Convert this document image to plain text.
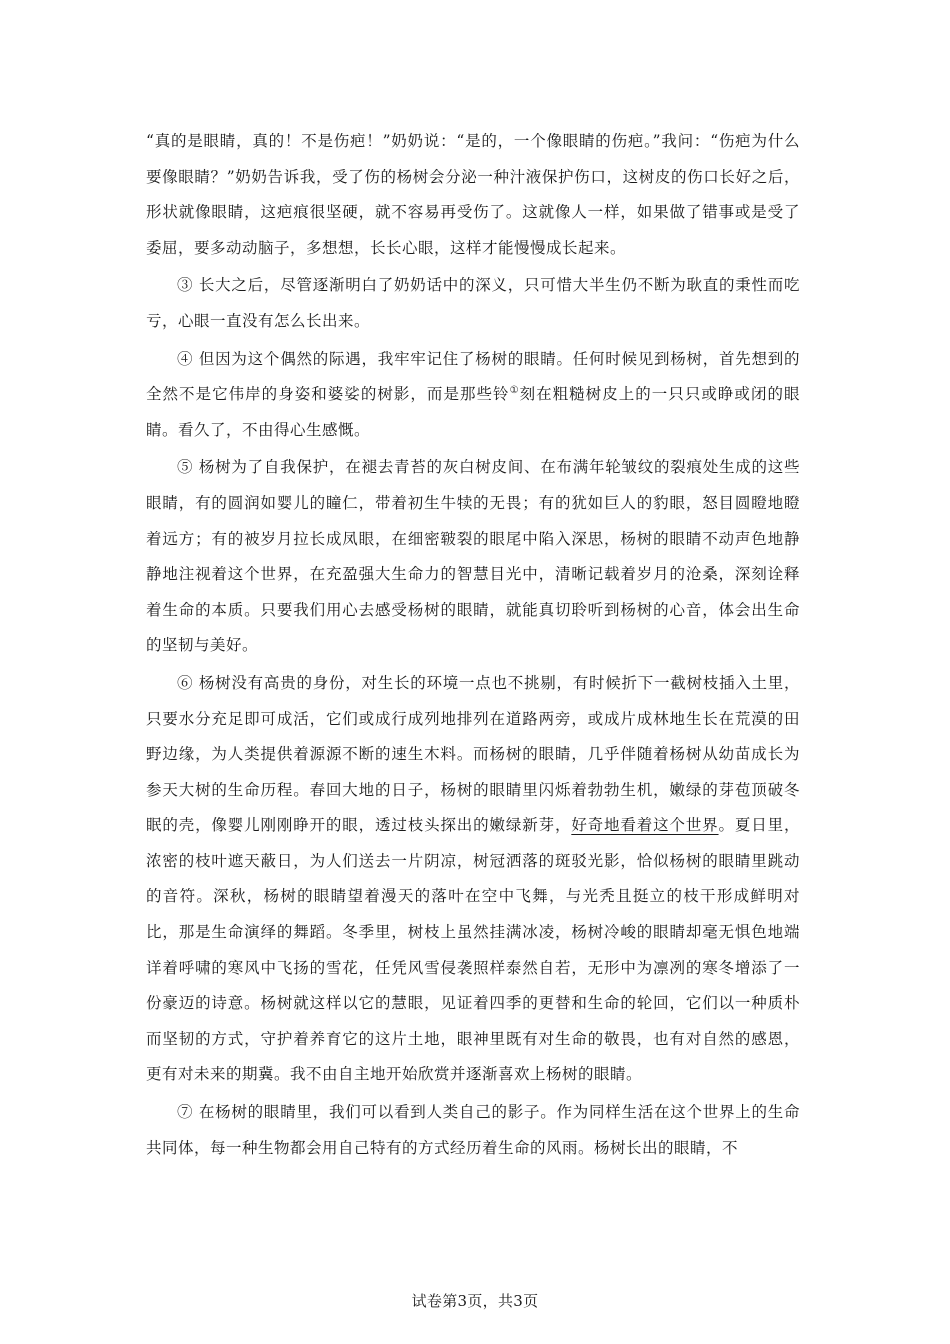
“真的是眼睛，真的！不是伤疤！”奶奶说：“是的，一个像眼睛的伤疤。”我问：“伤疤为什么要像眼睛？”奶奶告诉我，受了伤的杨树会分泌一种汁液保护伤口，这树皮的伤口长好之后，形状就像眼睛，这疤痕很坚硬，就不容易再受伤了。这就像人一样，如果做了错事或是受了委屈，要多动动脑子，多想想，长长心眼，这样才能慢慢成长起来。

③ 长大之后，尽管逐渐明白了奶奶话中的深义，只可惜大半生仍不断为耿直的秉性而吃亏，心眼一直没有怎么长出来。

④ 但因为这个偶然的际遇，我牢牢记住了杨树的眼睛。任何时候见到杨树，首先想到的全然不是它伟岸的身姿和婆娑的树影，而是那些铃①刻在粗糙树皮上的一只只或睁或闭的眼睛。看久了，不由得心生感慨。

⑤ 杨树为了自我保护，在褪去青苔的灰白树皮间、在布满年轮皱纹的裂痕处生成的这些眼睛，有的圆润如婴儿的瞳仁，带着初生牛犊的无畏；有的犹如巨人的豹眼，怒目圆瞪地瞪着远方；有的被岁月拉长成凤眼，在细密皲裂的眼尾中陷入深思，杨树的眼睛不动声色地静静地注视着这个世界，在充盈强大生命力的智慧目光中，清晰记载着岁月的沧桑，深刻诠释着生命的本质。只要我们用心去感受杨树的眼睛，就能真切聆听到杨树的心音，体会出生命的坚韧与美好。

⑥ 杨树没有高贵的身份，对生长的环境一点也不挑剔，有时候折下一截树枝插入土里，只要水分充足即可成活，它们或成行成列地排列在道路两旁，或成片成林地生长在荒漠的田野边缘，为人类提供着源源不断的速生木料。而杨树的眼睛，几乎伴随着杨树从幼苗成长为参天大树的生命历程。春回大地的日子，杨树的眼睛里闪烁着勃勃生机，嫩绿的芽苞顶破冬眠的壳，像婴儿刚刚睁开的眼，透过枝头探出的嫩绿新芽，好奇地看着这个世界。夏日里，浓密的枝叶遮天蔽日，为人们送去一片阴凉，树冠洒落的斑驳光影，恰似杨树的眼睛里跳动的音符。深秋，杨树的眼睛望着漫天的落叶在空中飞舞，与光秃且挺立的枝干形成鲜明对比，那是生命演绎的舞蹈。冬季里，树枝上虽然挂满冰凌，杨树冷峻的眼睛却毫无惧色地端详着呼啸的寒风中飞扬的雪花，任凭风雪侵袭照样泰然自若，无形中为凛冽的寒冬增添了一份豪迈的诗意。杨树就这样以它的慧眼，见证着四季的更替和生命的轮回，它们以一种质朴而坚韧的方式，守护着养育它的这片土地，眼神里既有对生命的敬畏，也有对自然的感恩，更有对未来的期冀。我不由自主地开始欣赏并逐渐喜欢上杨树的眼睛。

⑦ 在杨树的眼睛里，我们可以看到人类自己的影子。作为同样生活在这个世界上的生命共同体，每一种生物都会用自己特有的方式经历着生命的风雨。杨树长出的眼睛，不

试卷第3页，共3页
